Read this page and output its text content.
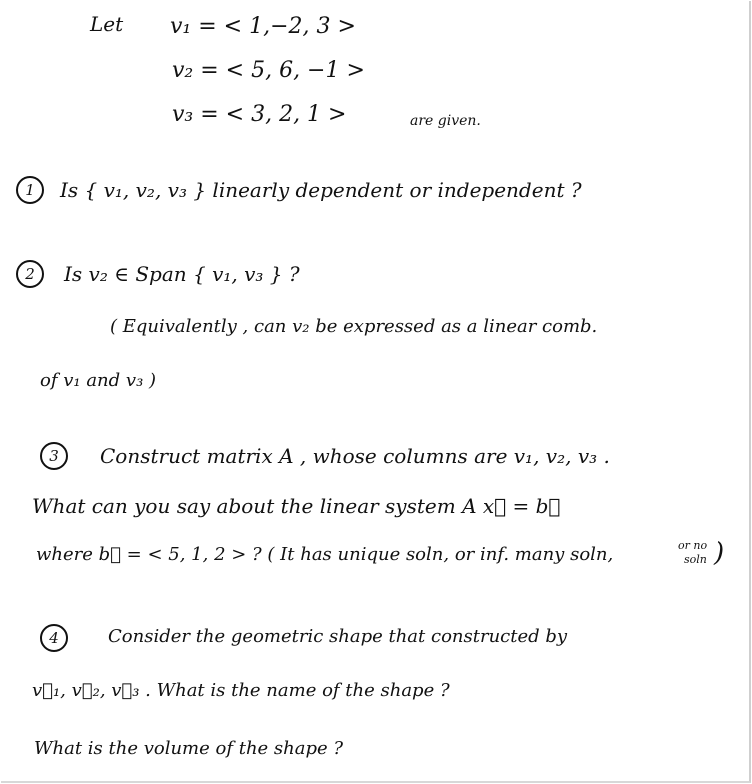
Let v₁ = < 1,−2, 3 >
v₂ = < 5, 6, −1 >
v₃ = < 3, 2, 1 >	are given.
1	Is { v₁, v₂, v₃ } linearly dependent or independent ?
2	Is v₂ ∈ Span { v₁, v₃ } ?
( Equivalently , can v₂ be expressed as a linear comb.
of v₁ and v₃ )
3	Construct matrix A , whose columns are v₁, v₂, v₃ .
What can you say about the linear system A x⃗ = b⃗
where b⃗ = < 5, 1, 2 > ? ( It has unique soln, or inf. many soln,	or no
soln )
4	Consider the geometric shape that constructed by
v⃗₁, v⃗₂, v⃗₃ . What is the name of the shape ?
What is the volume of the shape ?
